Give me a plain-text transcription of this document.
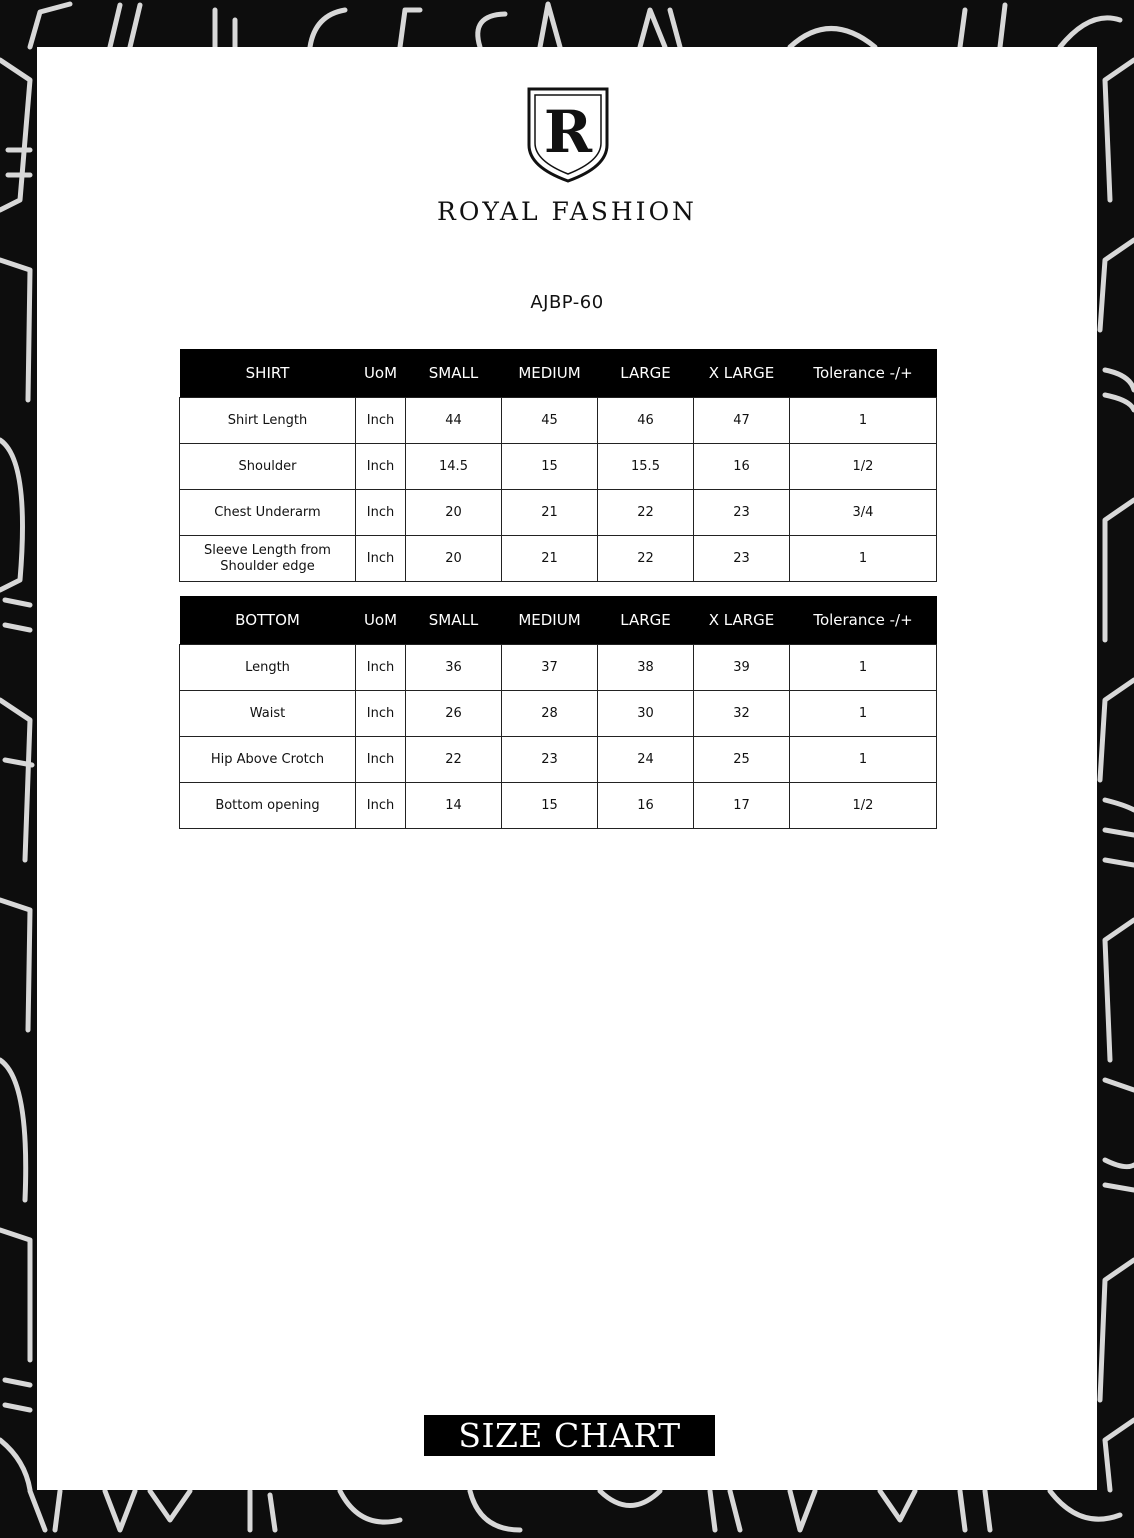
R
ROYAL FASHION
AJBP-60
SHIRT	UoM	SMALL	MEDIUM	LARGE	X LARGE	Tolerance -/+
Shirt Length	Inch	44	45	46	47	1
Shoulder	Inch	14.5	15	15.5	16	1/2
Chest Underarm	Inch	20	21	22	23	3/4
Sleeve Length from Shoulder edge	Inch	20	21	22	23	1
BOTTOM	UoM	SMALL	MEDIUM	LARGE	X LARGE	Tolerance -/+
Length	Inch	36	37	38	39	1
Waist	Inch	26	28	30	32	1
Hip Above Crotch	Inch	22	23	24	25	1
Bottom opening	Inch	14	15	16	17	1/2
SIZE CHART
